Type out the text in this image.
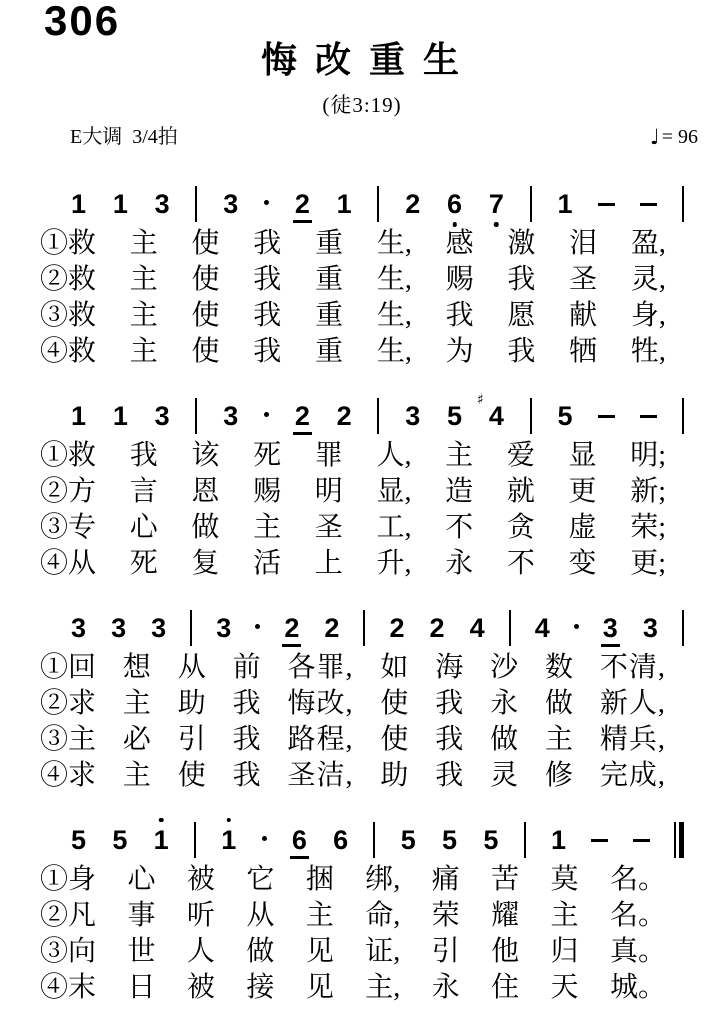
306
悔 改 重 生
(徒3:19)
E大调  3/4拍	♩ = 96
1 1 3 3 2 1 2 6 7 1
①救 主 使 我 重 生, 感 激 泪 盈,
②救 主 使 我 重 生, 赐 我 圣 灵,
③救 主 使 我 重 生, 我 愿 献 身,
④救 主 使 我 重 生, 为 我 牺 牲,
1 1 3 3 2 2 3 5
♯
4 5
①救 我 该 死 罪 人, 主 爱 显 明;
②方 言 恩 赐 明 显, 造 就 更 新;
③专 心 做 主 圣 工, 不 贪 虚 荣;
④从 死 复 活 上 升, 永 不 变 更;
3 3 3 3 2 2 2 2 4 4 3 3
①回 想 从 前 各罪, 如 海 沙 数 不清,
②求 主 助 我 悔改, 使 我 永 做 新人,
③主 必 引 我 路程, 使 我 做 主 精兵,
④求 主 使 我 圣洁, 助 我 灵 修 完成,
5 5 1 1 6 6 5 5 5 1
①身 心 被 它 捆 绑, 痛 苦 莫 名。
②凡 事 听 从 主 命, 荣 耀 主 名。
③向 世 人 做 见 证, 引 他 归 真。
④末 日 被 接 见 主, 永 住 天 城。
